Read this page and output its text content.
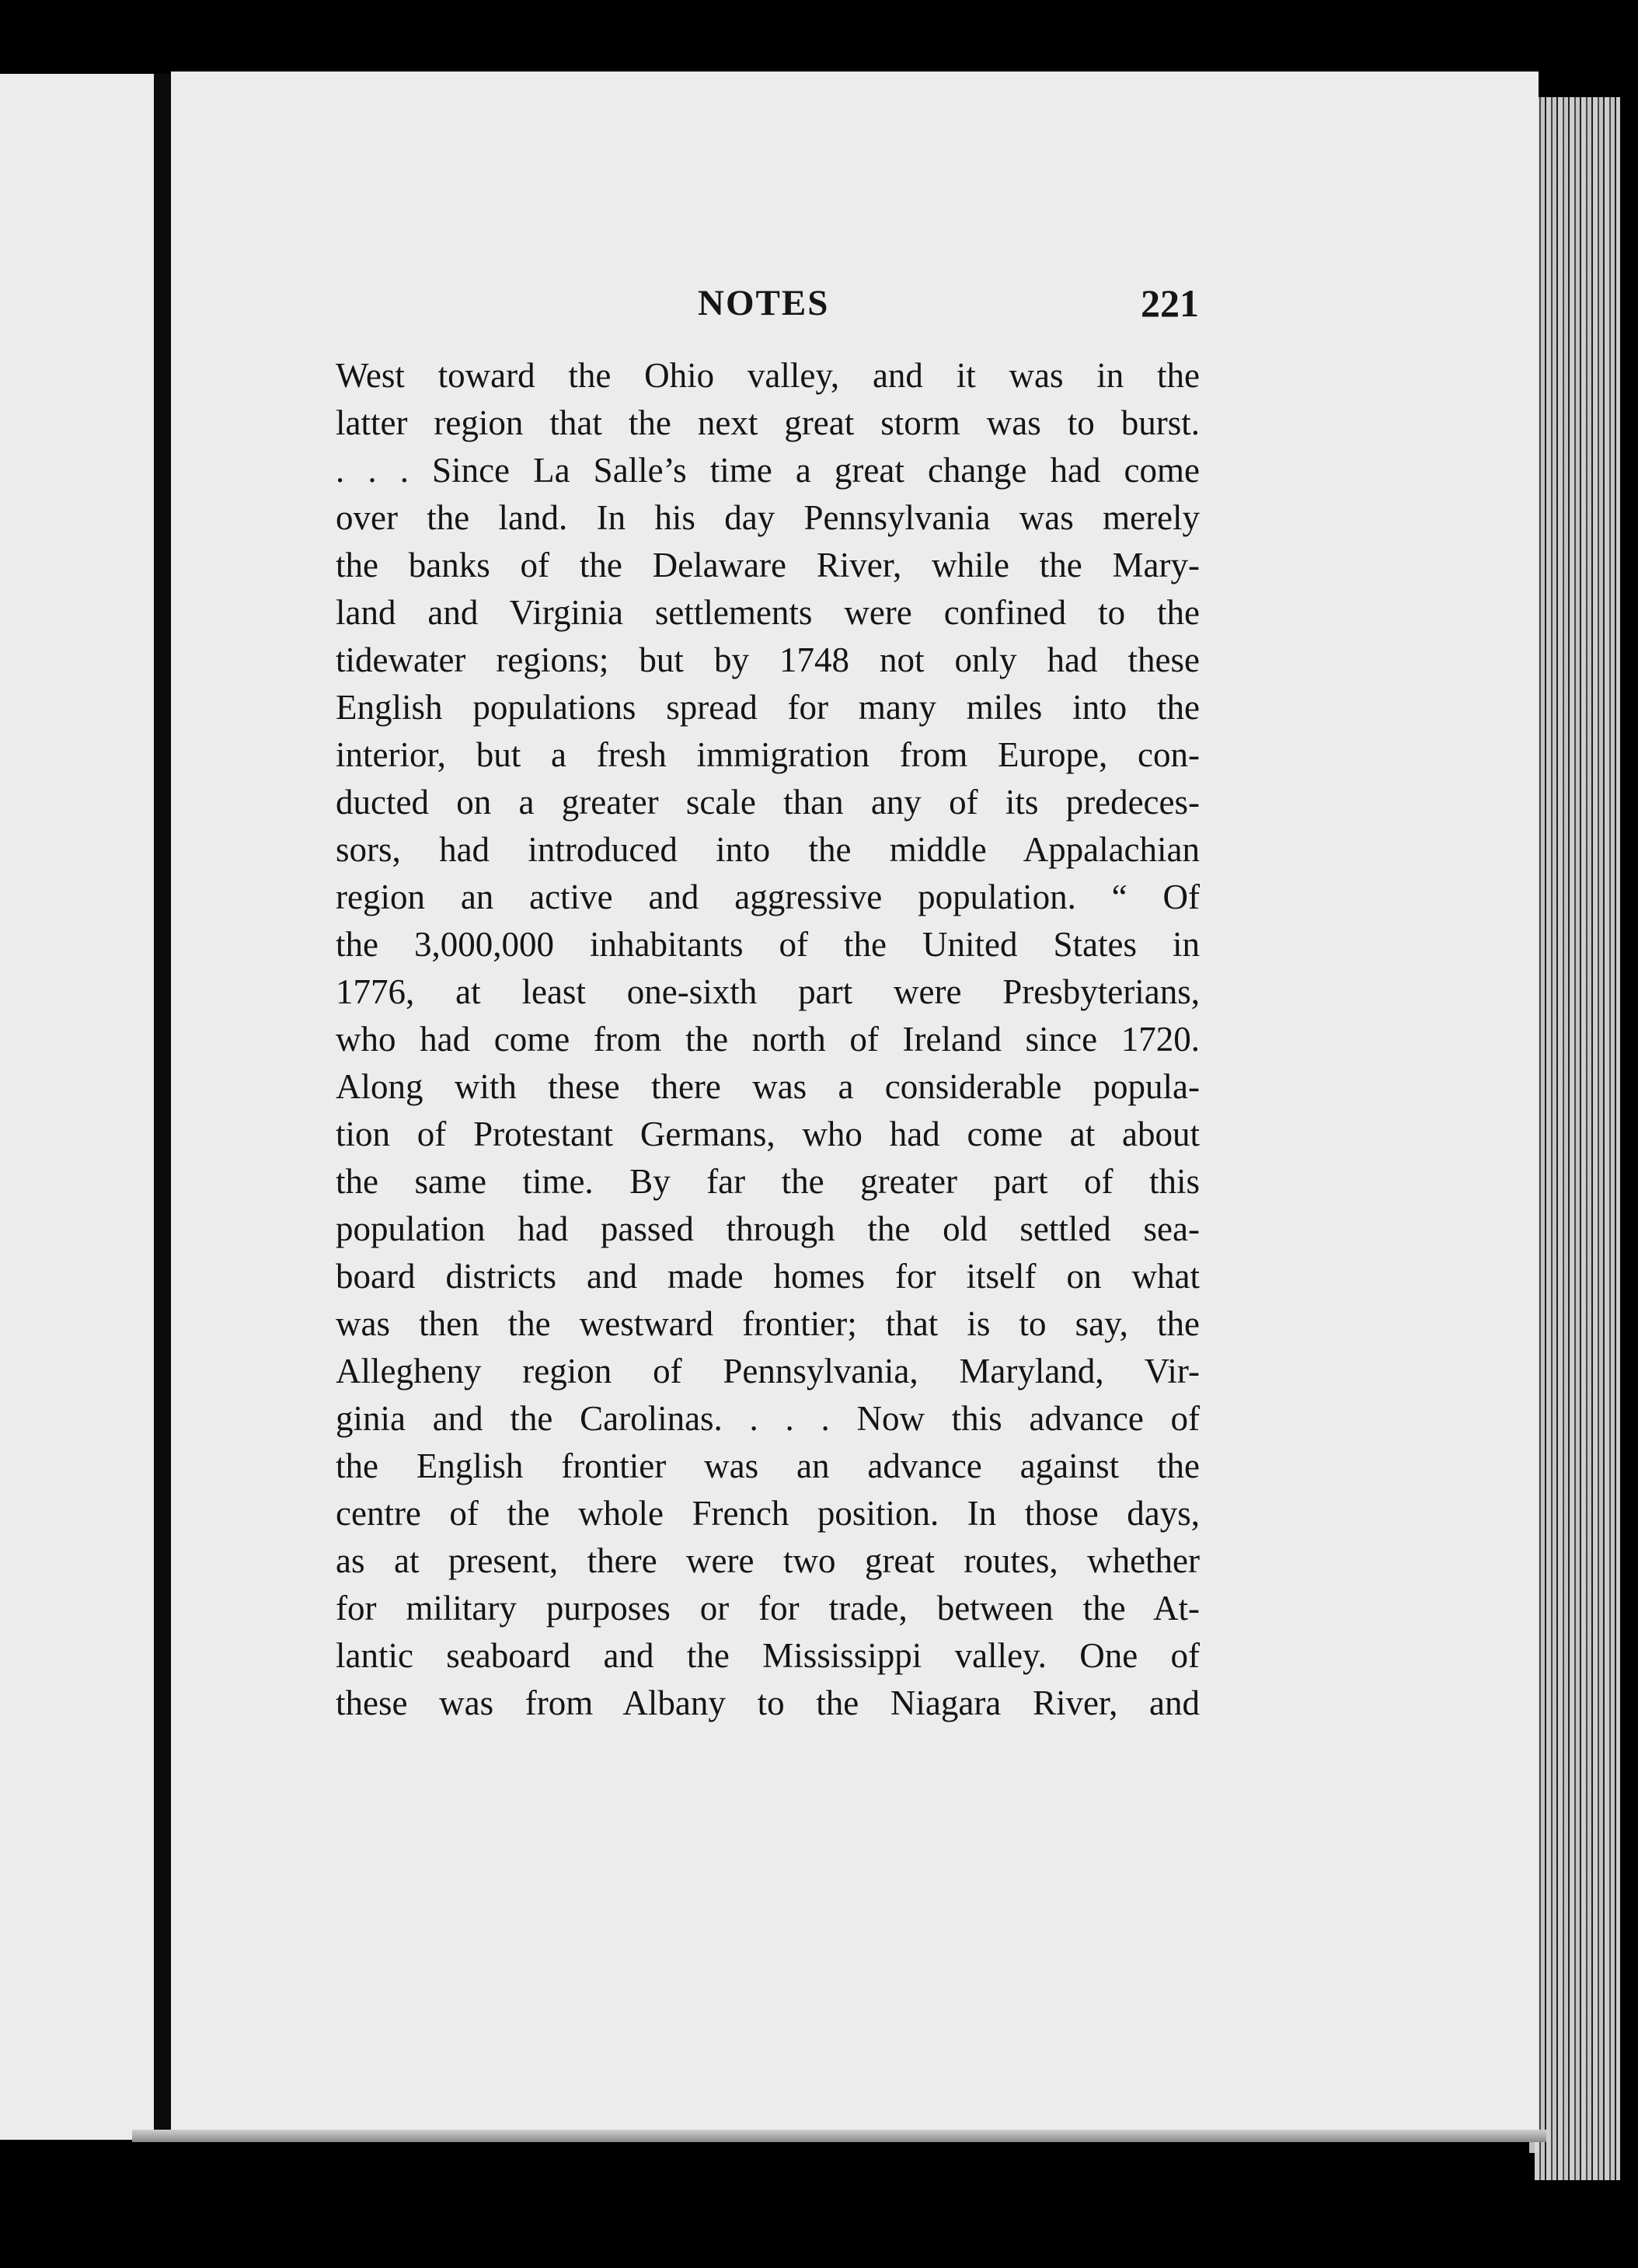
NOTES	221
West toward the Ohio valley, and it was in the
latter region that the next great storm was to burst.
. . . Since La Salle’s time a great change had come
over the land. In his day Pennsylvania was merely
the banks of the Delaware River, while the Mary-
land and Virginia settlements were confined to the
tidewater regions; but by 1748 not only had these
English populations spread for many miles into the
interior, but a fresh immigration from Europe, con-
ducted on a greater scale than any of its predeces-
sors, had introduced into the middle Appalachian
region an active and aggressive population. “ Of
the 3,000,000 inhabitants of the United States in
1776, at least one-sixth part were Presbyterians,
who had come from the north of Ireland since 1720.
Along with these there was a considerable popula-
tion of Protestant Germans, who had come at about
the same time. By far the greater part of this
population had passed through the old settled sea-
board districts and made homes for itself on what
was then the westward frontier; that is to say, the
Allegheny region of Pennsylvania, Maryland, Vir-
ginia and the Carolinas. . . . Now this advance of
the English frontier was an advance against the
centre of the whole French position. In those days,
as at present, there were two great routes, whether
for military purposes or for trade, between the At-
lantic seaboard and the Mississippi valley. One of
these was from Albany to the Niagara River, and
